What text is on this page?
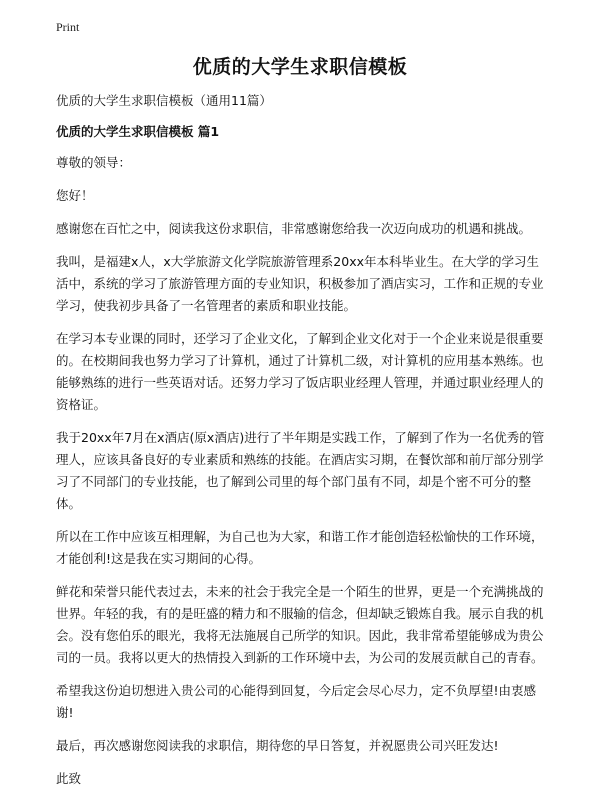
Print
优质的大学生求职信模板

优质的大学生求职信模板（通用11篇）

优质的大学生求职信模板 篇1

尊敬的领导：

您好！

感谢您在百忙之中，阅读我这份求职信，非常感谢您给我一次迈向成功的机遇和挑战。

我叫，是福建x人，x大学旅游文化学院旅游管理系20xx年本科毕业生。在大学的学习生活中，系统的学习了旅游管理方面的专业知识，积极参加了酒店实习，工作和正规的专业学习，使我初步具备了一名管理者的素质和职业技能。

在学习本专业课的同时，还学习了企业文化，了解到企业文化对于一个企业来说是很重要的。在校期间我也努力学习了计算机，通过了计算机二级，对计算机的应用基本熟练。也能够熟练的进行一些英语对话。还努力学习了饭店职业经理人管理，并通过职业经理人的资格证。

我于20xx年7月在x酒店(原x酒店)进行了半年期是实践工作，了解到了作为一名优秀的管理人，应该具备良好的专业素质和熟练的技能。在酒店实习期，在餐饮部和前厅部分别学习了不同部门的专业技能，也了解到公司里的每个部门虽有不同，却是个密不可分的整体。

所以在工作中应该互相理解，为自己也为大家，和谐工作才能创造轻松愉快的工作环境，才能创利!这是我在实习期间的心得。

鲜花和荣誉只能代表过去，未来的社会于我完全是一个陌生的世界，更是一个充满挑战的世界。年轻的我，有的是旺盛的精力和不服输的信念，但却缺乏锻炼自我。展示自我的机会。没有您伯乐的眼光，我将无法施展自己所学的知识。因此，我非常希望能够成为贵公司的一员。我将以更大的热情投入到新的工作环境中去，为公司的发展贡献自己的青春。

希望我这份迫切想进入贵公司的心能得到回复，今后定会尽心尽力，定不负厚望!由衷感谢!

最后，再次感谢您阅读我的求职信，期待您的早日答复，并祝愿贵公司兴旺发达!

此致
